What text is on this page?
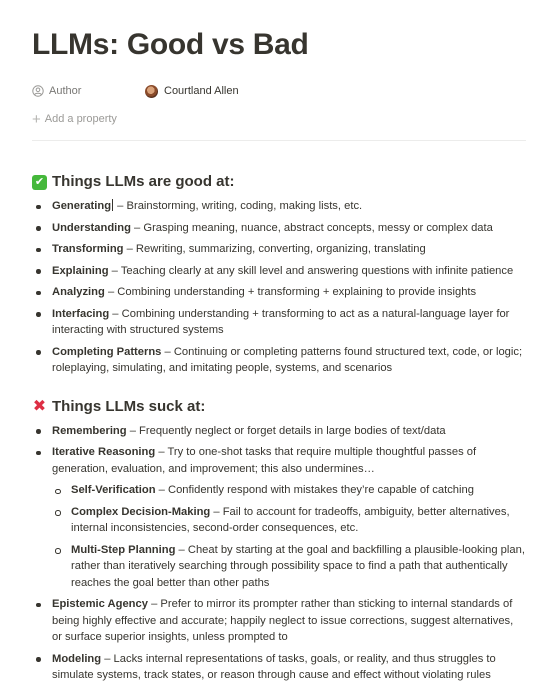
LLMs: Good vs Bad
Author	Courtland Allen
+ Add a property
✔ Things LLMs are good at:
Generating – Brainstorming, writing, coding, making lists, etc.
Understanding – Grasping meaning, nuance, abstract concepts, messy or complex data
Transforming – Rewriting, summarizing, converting, organizing, translating
Explaining – Teaching clearly at any skill level and answering questions with infinite patience
Analyzing – Combining understanding + transforming + explaining to provide insights
Interfacing – Combining understanding + transforming to act as a natural-language layer for interacting with structured systems
Completing Patterns – Continuing or completing patterns found structured text, code, or logic; roleplaying, simulating, and imitating people, systems, and scenarios
✖ Things LLMs suck at:
Remembering – Frequently neglect or forget details in large bodies of text/data
Iterative Reasoning – Try to one-shot tasks that require multiple thoughtful passes of generation, evaluation, and improvement; this also undermines…
Self-Verification – Confidently respond with mistakes they’re capable of catching
Complex Decision-Making – Fail to account for tradeoffs, ambiguity, better alternatives, internal inconsistencies, second-order consequences, etc.
Multi-Step Planning – Cheat by starting at the goal and backfilling a plausible-looking plan, rather than iteratively searching through possibility space to find a path that authentically reaches the goal better than other paths
Epistemic Agency – Prefer to mirror its prompter rather than sticking to internal standards of being highly effective and accurate; happily neglect to issue corrections, suggest alternatives, or surface superior insights, unless prompted to
Modeling – Lacks internal representations of tasks, goals, or reality, and thus struggles to simulate systems, track states, or reason through cause and effect without violating rules
